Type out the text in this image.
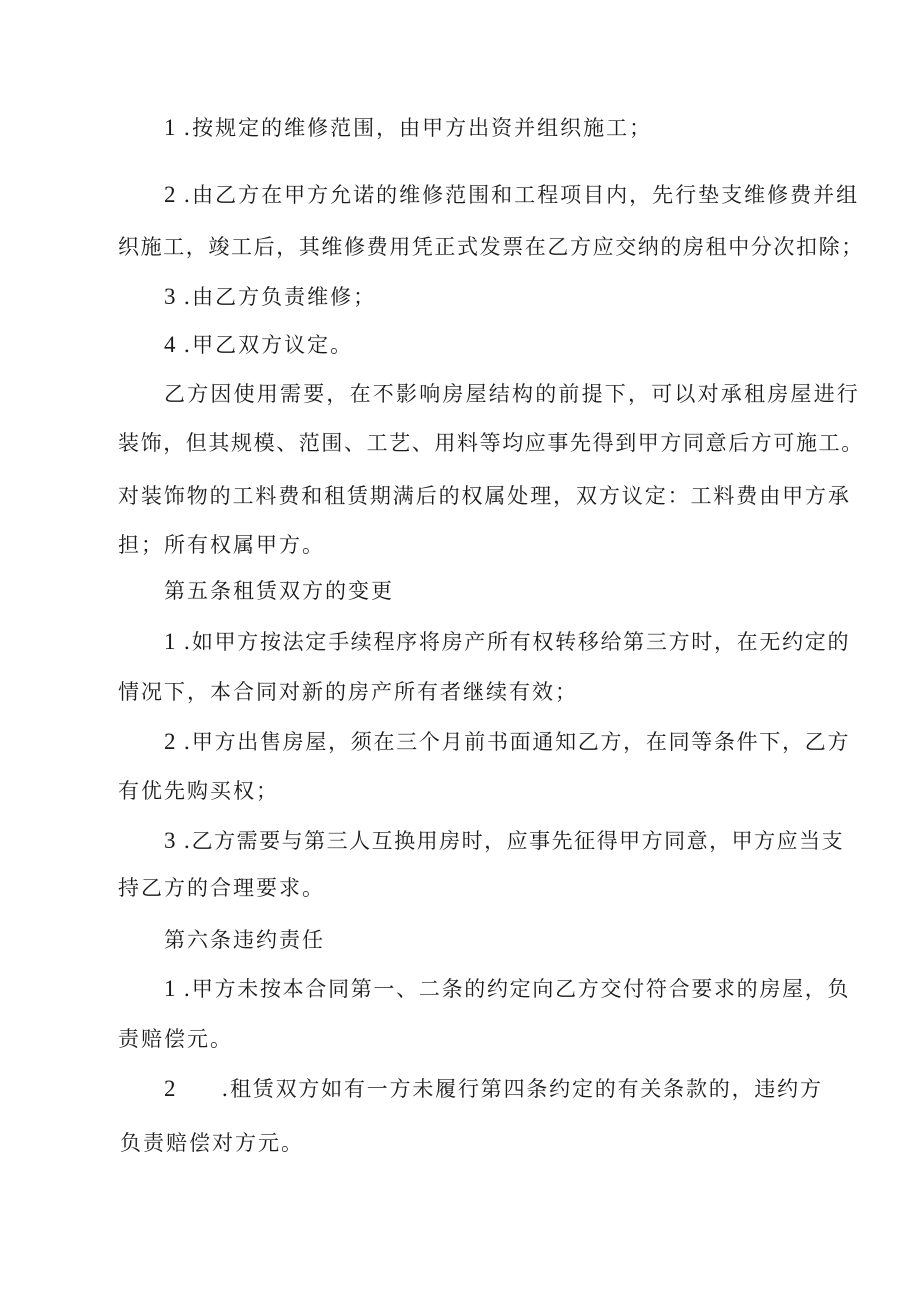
1 .按规定的维修范围，由甲方出资并组织施工；
2 .由乙方在甲方允诺的维修范围和工程项目内，先行垫支维修费并组
织施工，竣工后，其维修费用凭正式发票在乙方应交纳的房租中分次扣除；
3 .由乙方负责维修；
4 .甲乙双方议定。
乙方因使用需要，在不影响房屋结构的前提下，可以对承租房屋进行
装饰，但其规模、范围、工艺、用料等均应事先得到甲方同意后方可施工。
对装饰物的工料费和租赁期满后的权属处理，双方议定：工料费由甲方承
担；所有权属甲方。
第五条租赁双方的变更
1 .如甲方按法定手续程序将房产所有权转移给第三方时，在无约定的
情况下，本合同对新的房产所有者继续有效；
2 .甲方出售房屋，须在三个月前书面通知乙方，在同等条件下，乙方
有优先购买权；
3 .乙方需要与第三人互换用房时，应事先征得甲方同意，甲方应当支
持乙方的合理要求。
第六条违约责任
1 .甲方未按本合同第一、二条的约定向乙方交付符合要求的房屋，负
责赔偿元。
2 .租赁双方如有一方未履行第四条约定的有关条款的，违约方
负责赔偿对方元。
